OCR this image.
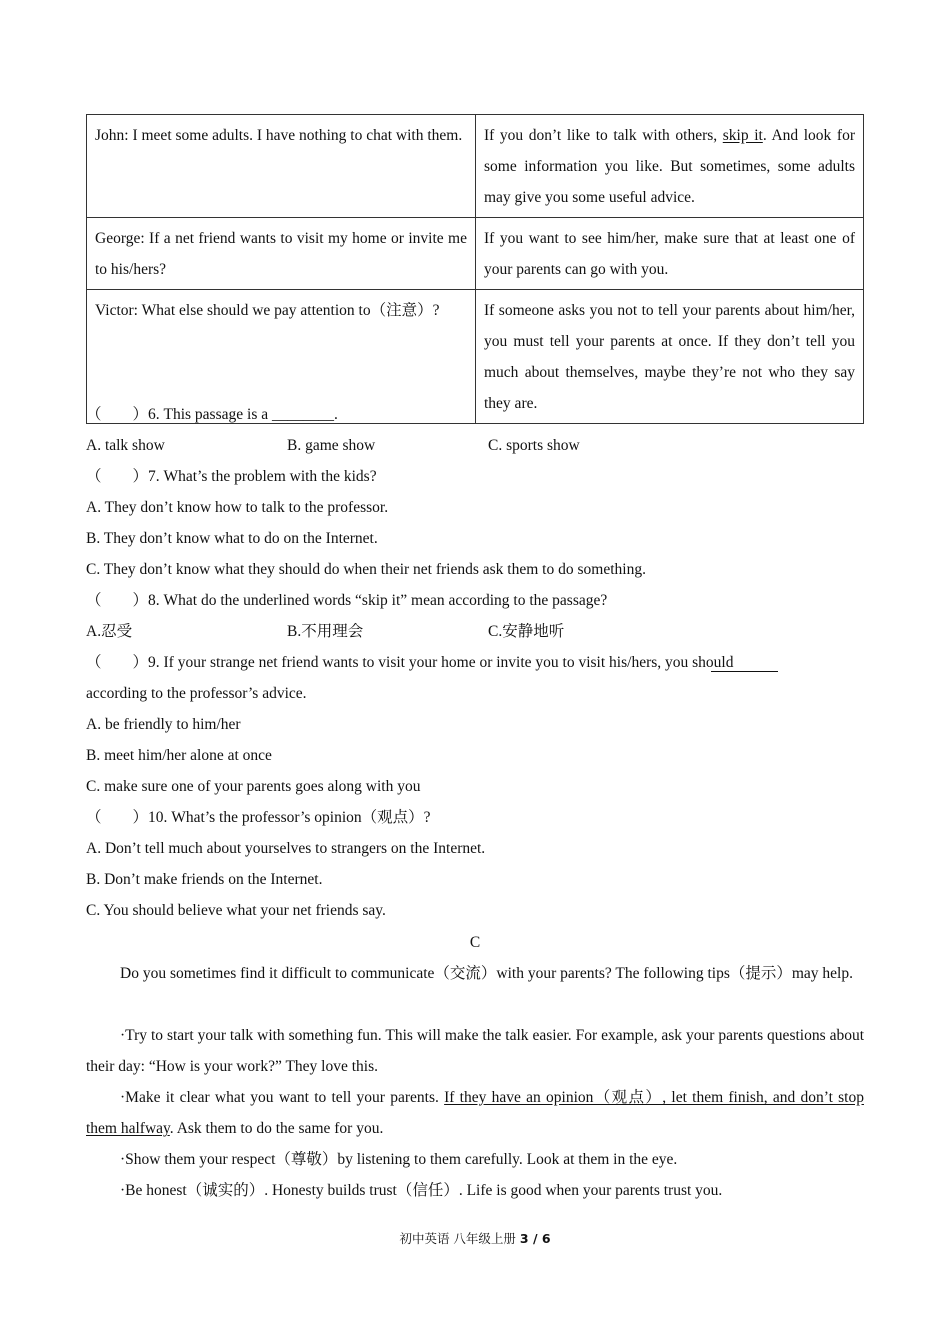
John: I meet some adults. I have nothing to chat with them.	If you don’t like to talk with others, skip it. And look for some information you like. But sometimes, some adults may give you some useful advice.
George: If a net friend wants to visit my home or invite me to his/hers?	If you want to see him/her, make sure that at least one of your parents can go with you.
Victor: What else should we pay attention to（注意）?	If someone asks you not to tell your parents about him/her, you must tell your parents at once. If they don’t tell you much about themselves, maybe they’re not who they say they are.
（　　）6. This passage is a ________.
A. talk show	B. game show	C. sports show
（　　）7. What’s the problem with the kids?
A. They don’t know how to talk to the professor.
B. They don’t know what to do on the Internet.
C. They don’t know what they should do when their net friends ask them to do something.
（　　）8. What do the underlined words “skip it” mean according to the passage?
A.忍受	B.不用理会	C.安静地听
（　　）9. If your strange net friend wants to visit your home or invite you to visit his/hers, you should
according to the professor’s advice.
A. be friendly to him/her
B. meet him/her alone at once
C. make sure one of your parents goes along with you
（　　）10. What’s the professor’s opinion（观点）?
A. Don’t tell much about yourselves to strangers on the Internet.
B. Don’t make friends on the Internet.
C. You should believe what your net friends say.
C
Do you sometimes find it difficult to communicate（交流）with your parents? The following tips（提示）may help.
·Try to start your talk with something fun. This will make the talk easier. For example, ask your parents questions about their day: “How is your work?” They love this.
·Make it clear what you want to tell your parents. If they have an opinion（观点）, let them finish, and don’t stop them halfway. Ask them to do the same for you.
·Show them your respect（尊敬）by listening to them carefully. Look at them in the eye.
·Be honest（诚实的）. Honesty builds trust（信任）. Life is good when your parents trust you.
初中英语 八年级上册 3 / 6
